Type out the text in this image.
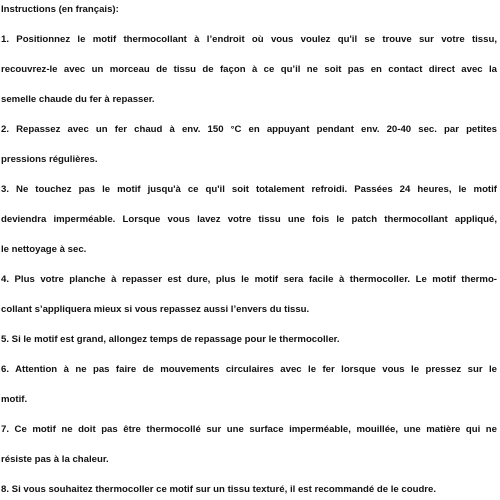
Instructions (en français):
1. Positionnez le motif thermocollant à l’endroit où vous voulez qu'il se trouve sur votre tissu,
recouvrez-le avec un morceau de tissu de façon à ce qu’il ne soit pas en contact direct avec la
semelle chaude du fer à repasser.
2. Repassez avec un fer chaud à env. 150 °C en appuyant pendant env. 20-40 sec. par petites
pressions régulières.
3. Ne touchez pas le motif jusqu'à ce qu'il soit totalement refroidi. Passées 24 heures, le motif
deviendra imperméable. Lorsque vous lavez votre tissu une fois le patch thermocollant appliqué,
le nettoyage à sec.
4. Plus votre planche à repasser est dure, plus le motif sera facile à thermocoller. Le motif thermo-
collant s’appliquera mieux si vous repassez aussi l’envers du tissu.
5. Si le motif est grand, allongez temps de repassage pour le thermocoller.
6. Attention à ne pas faire de mouvements circulaires avec le fer lorsque vous le pressez sur le
motif.
7. Ce motif ne doit pas être thermocollé sur une surface imperméable, mouillée, une matière qui ne
résiste pas à la chaleur.
8. Si vous souhaitez thermocoller ce motif sur un tissu texturé, il est recommandé de le coudre.
